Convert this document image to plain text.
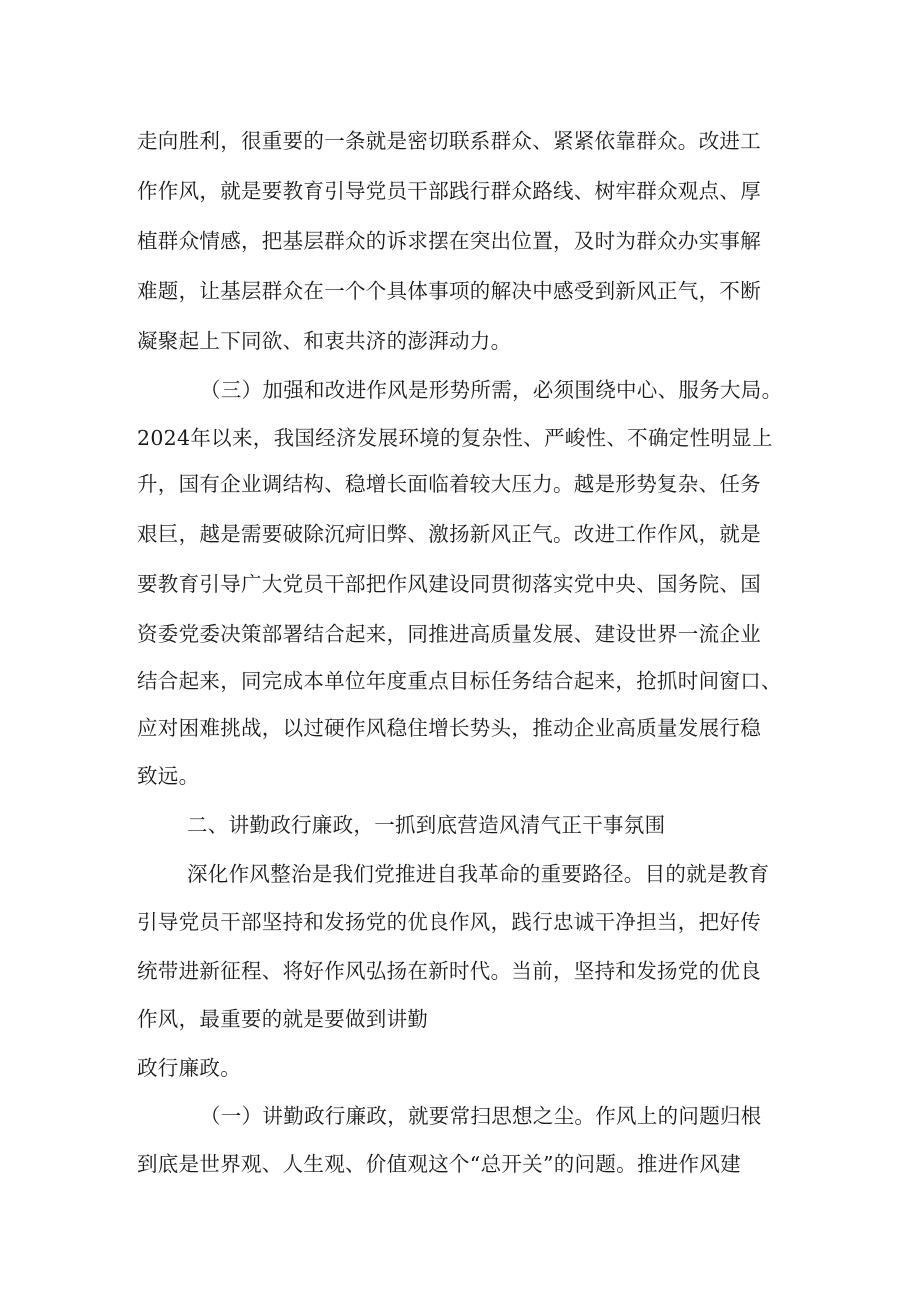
走向胜利，很重要的一条就是密切联系群众、紧紧依靠群众。改进工
作作风，就是要教育引导党员干部践行群众路线、树牢群众观点、厚
植群众情感，把基层群众的诉求摆在突出位置，及时为群众办实事解
难题，让基层群众在一个个具体事项的解决中感受到新风正气，不断
凝聚起上下同欲、和衷共济的澎湃动力。
（三）加强和改进作风是形势所需，必须围绕中心、服务大局。
2024年以来，我国经济发展环境的复杂性、严峻性、不确定性明显上
升，国有企业调结构、稳增长面临着较大压力。越是形势复杂、任务
艰巨，越是需要破除沉疴旧弊、激扬新风正气。改进工作作风，就是
要教育引导广大党员干部把作风建设同贯彻落实党中央、国务院、国
资委党委决策部署结合起来，同推进高质量发展、建设世界一流企业
结合起来，同完成本单位年度重点目标任务结合起来，抢抓时间窗口、
应对困难挑战，以过硬作风稳住增长势头，推动企业高质量发展行稳
致远。
二、讲勤政行廉政，一抓到底营造风清气正干事氛围
深化作风整治是我们党推进自我革命的重要路径。目的就是教育
引导党员干部坚持和发扬党的优良作风，践行忠诚干净担当，把好传
统带进新征程、将好作风弘扬在新时代。当前，坚持和发扬党的优良
作风，最重要的就是要做到讲勤
政行廉政。
（一）讲勤政行廉政，就要常扫思想之尘。作风上的问题归根
到底是世界观、人生观、价值观这个“总开关”的问题。推进作风建
